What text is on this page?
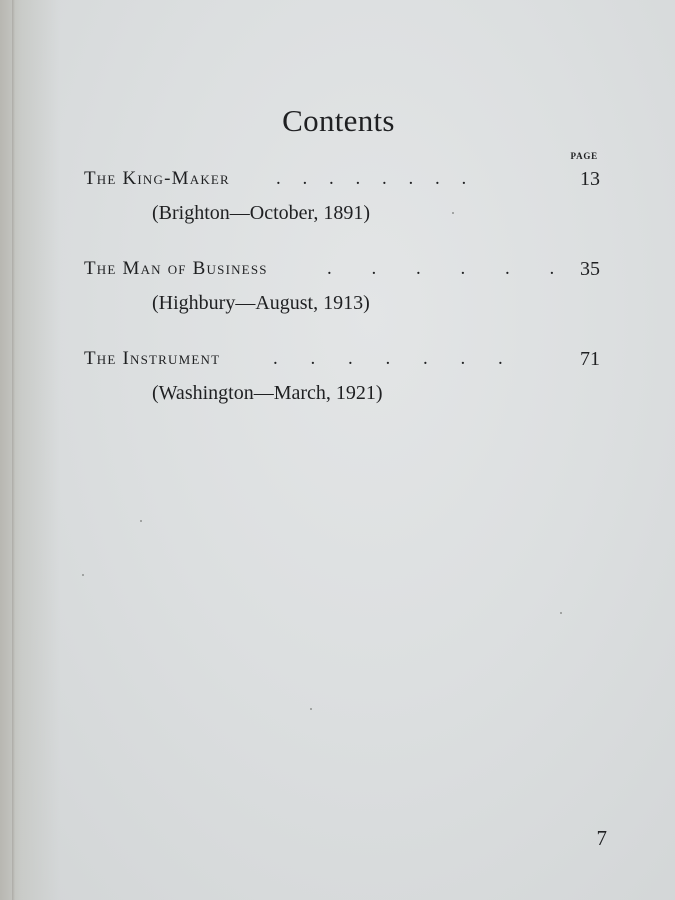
Contents
PAGE
The King-Maker . . . . . . . .	13
(Brighton—October, 1891)
The Man of Business	. . . . . . 35
(Highbury—August, 1913)
The Instrument	. . . . . . .	71
(Washington—March, 1921)
7
